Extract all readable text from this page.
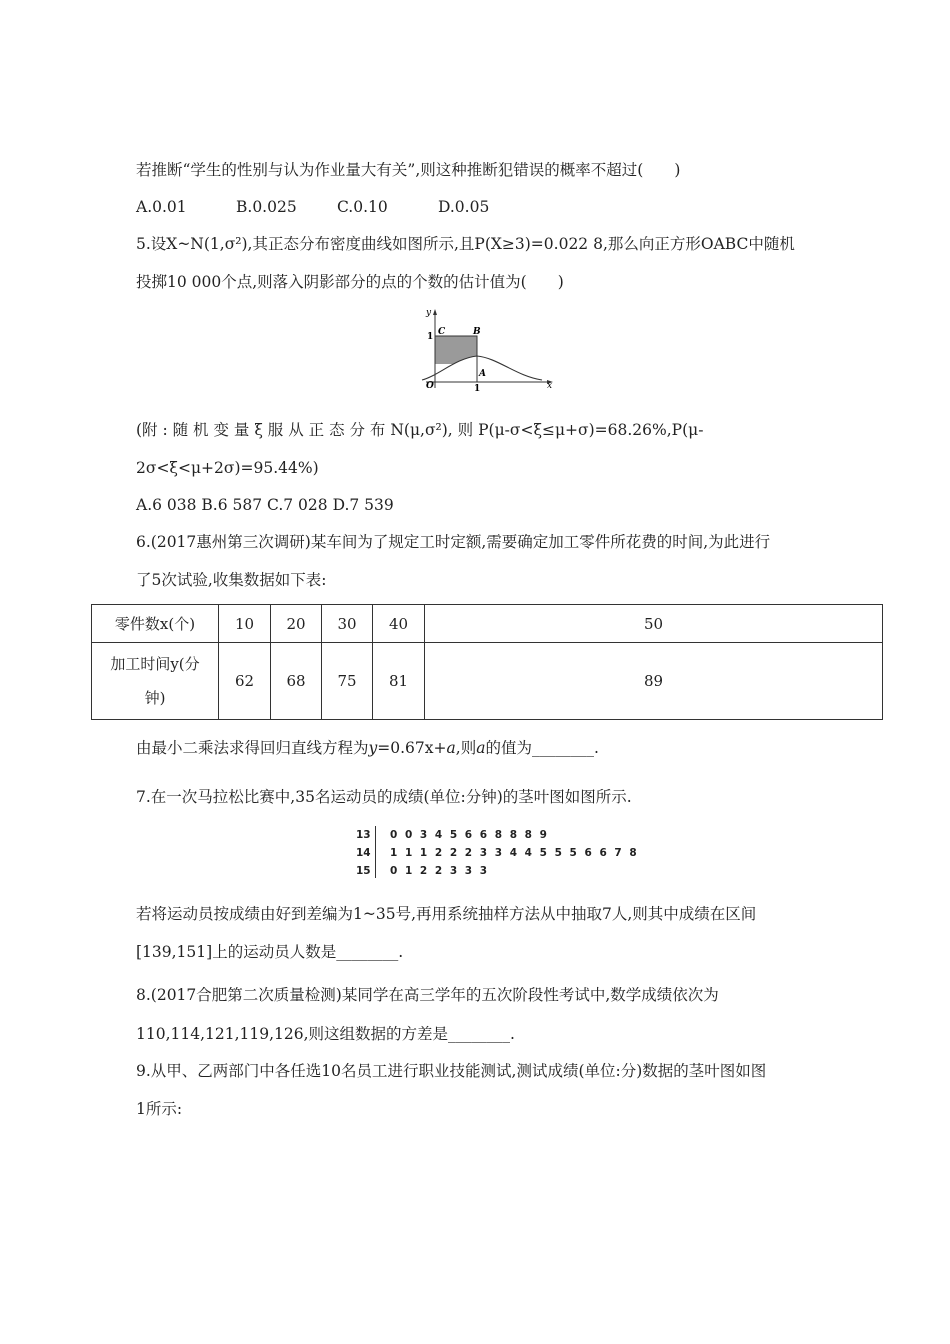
若推断“学生的性别与认为作业量大有关”,则这种推断犯错误的概率不超过(　　)
A.0.01	B.0.025	C.0.10	D.0.05
5.设X~N(1,σ²),其正态分布密度曲线如图所示,且P(X≥3)=0.022 8,那么向正方形OABC中随机
投掷10 000个点,则落入阴影部分的点的个数的估计值为(　　)
y
x
O
C	B
A
1
1
(附 : 随 机 变 量 ξ 服 从 正 态 分 布 N(μ,σ²), 则 P(μ-σ<ξ≤μ+σ)=68.26%,P(μ-
2σ<ξ<μ+2σ)=95.44%)
A.6 038 B.6 587 C.7 028 D.7 539
6.(2017惠州第三次调研)某车间为了规定工时定额,需要确定加工零件所花费的时间,为此进行
了5次试验,收集数据如下表:
零件数x(个)	10	20	30	40	50

加工时间y(分
钟)	62	68	75	81	89
由最小二乘法求得回归直线方程为y=0.67x+a,则a的值为________.
7.在一次马拉松比赛中,35名运动员的成绩(单位:分钟)的茎叶图如图所示.
13	0 0 3 4 5 6 6 8 8 8 9
14	1 1 1 2 2 2 3 3 4 4 5 5 5 6 6 7 8
15	0 1 2 2 3 3 3
若将运动员按成绩由好到差编为1~35号,再用系统抽样方法从中抽取7人,则其中成绩在区间
[139,151]上的运动员人数是________.
8.(2017合肥第二次质量检测)某同学在高三学年的五次阶段性考试中,数学成绩依次为
110,114,121,119,126,则这组数据的方差是________.
9.从甲、乙两部门中各任选10名员工进行职业技能测试,测试成绩(单位:分)数据的茎叶图如图
1所示:
